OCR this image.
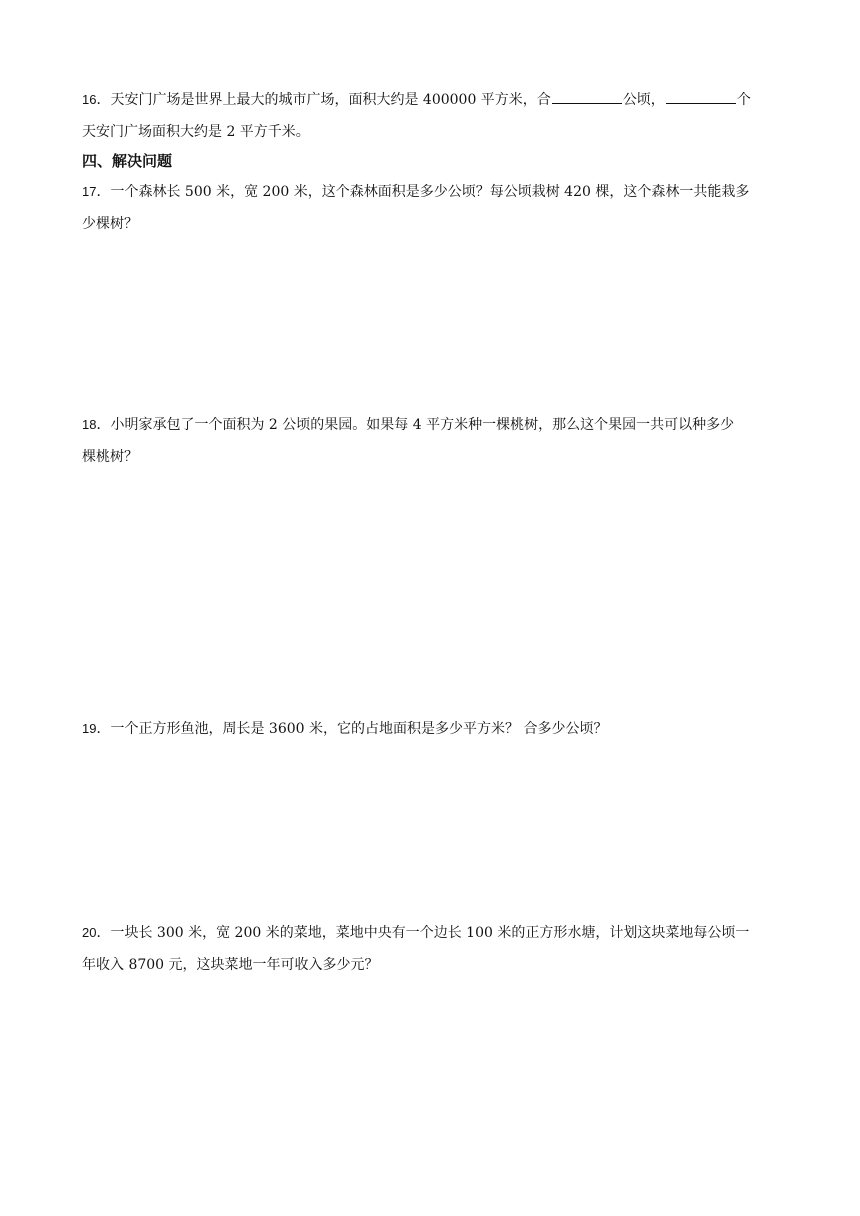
16．天安门广场是世界上最大的城市广场，面积大约是 400000 平方米，合	公顷，	个
天安门广场面积大约是 2 平方千米。
四、解决问题
17．一个森林长 500 米，宽 200 米，这个森林面积是多少公顷？每公顷栽树 420 棵，这个森林一共能栽多
少棵树？
18．小明家承包了一个面积为 2 公顷的果园。如果每 4 平方米种一棵桃树，那么这个果园一共可以种多少
棵桃树？
19．一个正方形鱼池，周长是 3600 米，它的占地面积是多少平方米？ 合多少公顷？
20．一块长 300 米，宽 200 米的菜地，菜地中央有一个边长 100 米的正方形水塘，计划这块菜地每公顷一
年收入 8700 元，这块菜地一年可收入多少元？
